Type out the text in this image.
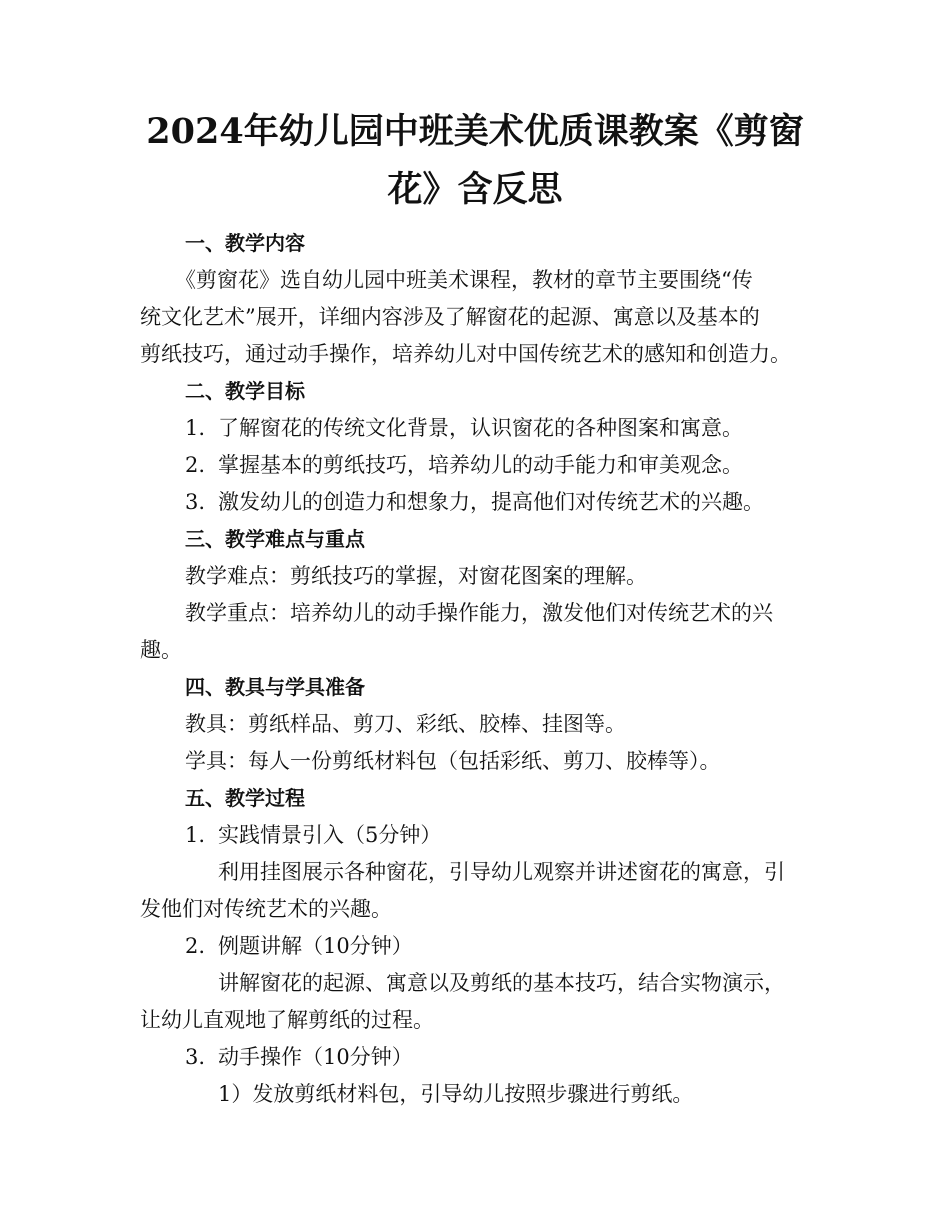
2024年幼儿园中班美术优质课教案《剪窗
花》含反思
一、教学内容
《剪窗花》选自幼儿园中班美术课程，教材的章节主要围绕“传
统文化艺术”展开，详细内容涉及了解窗花的起源、寓意以及基本的
剪纸技巧，通过动手操作，培养幼儿对中国传统艺术的感知和创造力。
二、教学目标
1. 了解窗花的传统文化背景，认识窗花的各种图案和寓意。
2. 掌握基本的剪纸技巧，培养幼儿的动手能力和审美观念。
3. 激发幼儿的创造力和想象力，提高他们对传统艺术的兴趣。
三、教学难点与重点
教学难点：剪纸技巧的掌握，对窗花图案的理解。
教学重点：培养幼儿的动手操作能力，激发他们对传统艺术的兴
趣。
四、教具与学具准备
教具：剪纸样品、剪刀、彩纸、胶棒、挂图等。
学具：每人一份剪纸材料包（包括彩纸、剪刀、胶棒等）。
五、教学过程
1. 实践情景引入（5分钟）
利用挂图展示各种窗花，引导幼儿观察并讲述窗花的寓意，引
发他们对传统艺术的兴趣。
2. 例题讲解（10分钟）
讲解窗花的起源、寓意以及剪纸的基本技巧，结合实物演示，
让幼儿直观地了解剪纸的过程。
3. 动手操作（10分钟）
1）发放剪纸材料包，引导幼儿按照步骤进行剪纸。
